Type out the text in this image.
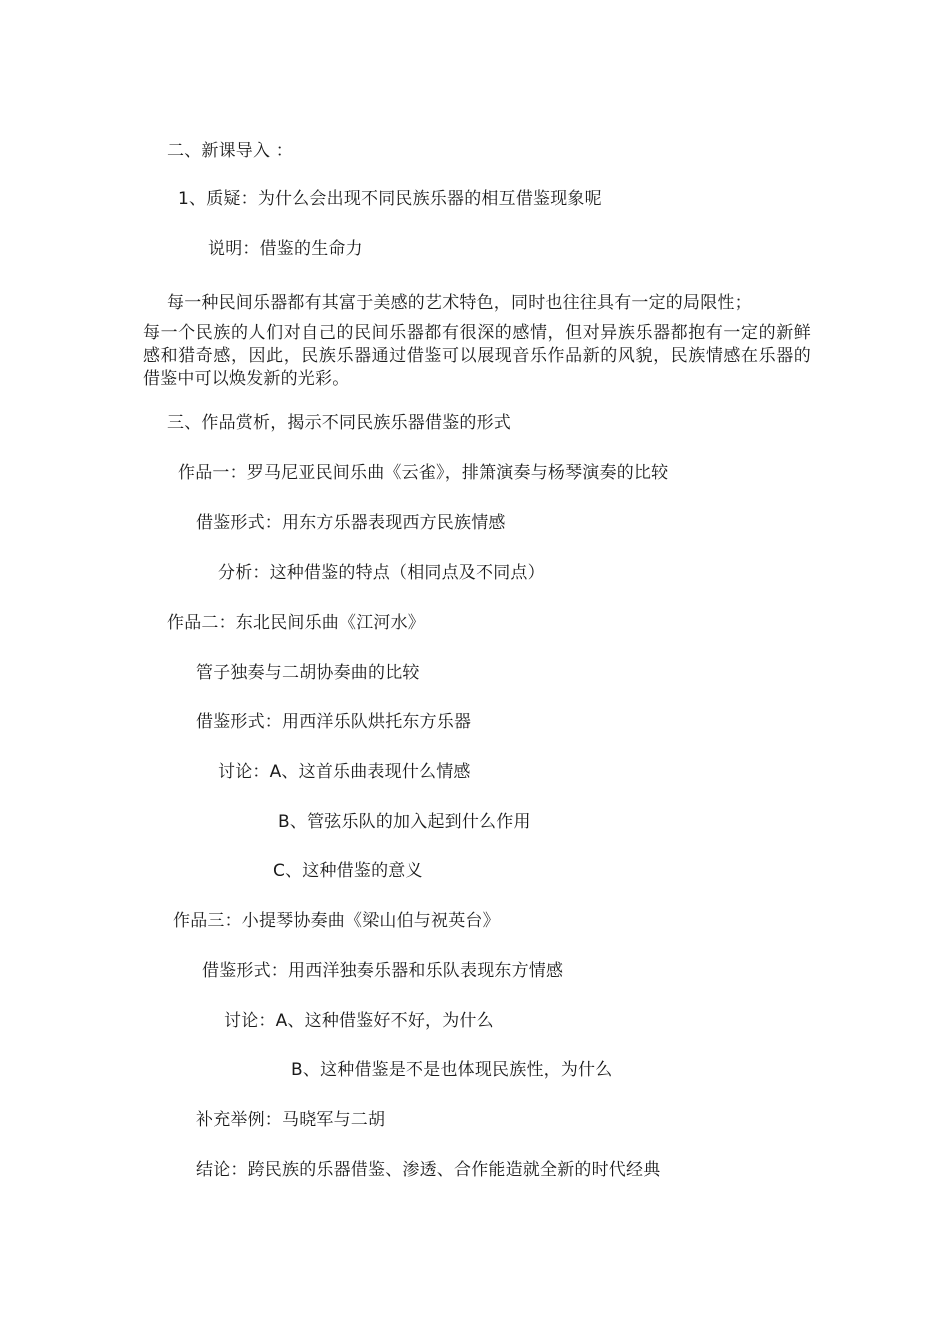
二、新课导入 ：
1、质疑：为什么会出现不同民族乐器的相互借鉴现象呢
说明：借鉴的生命力
每一种民间乐器都有其富于美感的艺术特色，同时也往往具有一定的局限性；
每一个民族的人们对自己的民间乐器都有很深的感情，但对异族乐器都抱有一定的新鲜感和猎奇感，因此，民族乐器通过借鉴可以展现音乐作品新的风貌，民族情感在乐器的借鉴中可以焕发新的光彩。
三、作品赏析，揭示不同民族乐器借鉴的形式
作品一：罗马尼亚民间乐曲《云雀》，排箫演奏与杨琴演奏的比较
借鉴形式：用东方乐器表现西方民族情感
分析：这种借鉴的特点（相同点及不同点）
作品二：东北民间乐曲《江河水》
管子独奏与二胡协奏曲的比较
借鉴形式：用西洋乐队烘托东方乐器
讨论：A、这首乐曲表现什么情感
B、管弦乐队的加入起到什么作用
C、这种借鉴的意义
作品三：小提琴协奏曲《梁山伯与祝英台》
借鉴形式：用西洋独奏乐器和乐队表现东方情感
讨论：A、这种借鉴好不好，为什么
B、这种借鉴是不是也体现民族性，为什么
补充举例：马晓军与二胡
结论：跨民族的乐器借鉴、渗透、合作能造就全新的时代经典
